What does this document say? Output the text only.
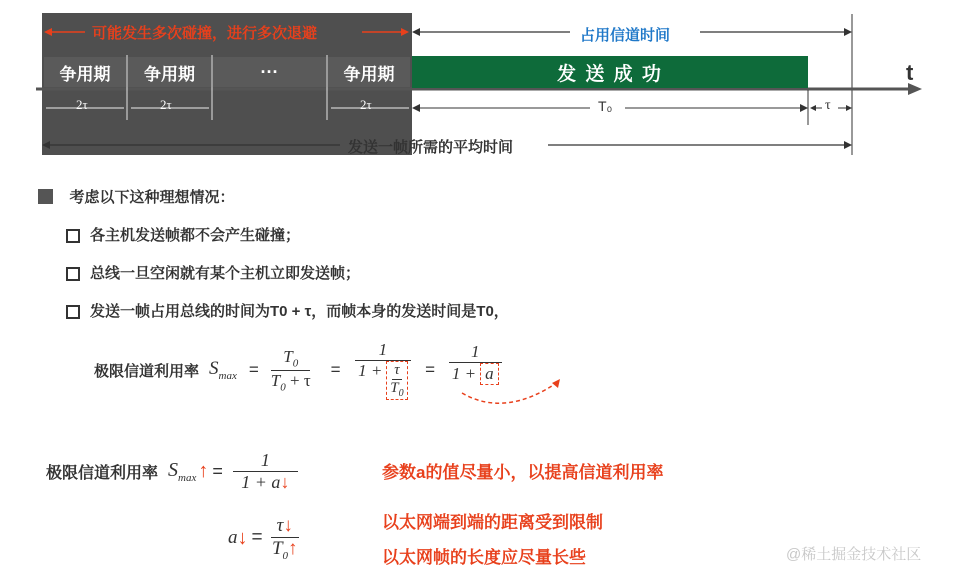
可能发生多次碰撞，进行多次退避	占用信道时间
争用期	争用期	···	争用期	发 送 成 功	t
2τ	2τ	2τ	T₀	τ
发送一帧所需的平均时间
考虑以下这种理想情况：
各主机发送帧都不会产生碰撞；
总线一旦空闲就有某个主机立即发送帧；
发送一帧占用总线的时间为T0 + τ，而帧本身的发送时间是T0，
极限信道利用率 $S_{max} = \frac{T_0}{T_0 + \tau} = \frac{1}{1 + \frac{\tau}{T_0}} = \frac{1}{1 + a}$
极限信道利用率 $S_{max}$ ↑ = $\frac{1}{1 + a↓}$	参数a的值尽量小，以提高信道利用率
a ↓ = $\frac{\tau↓}{T_0↑}$	以太网端到端的距离受到限制
以太网帧的长度应尽量长些	@稀土掘金技术社区
